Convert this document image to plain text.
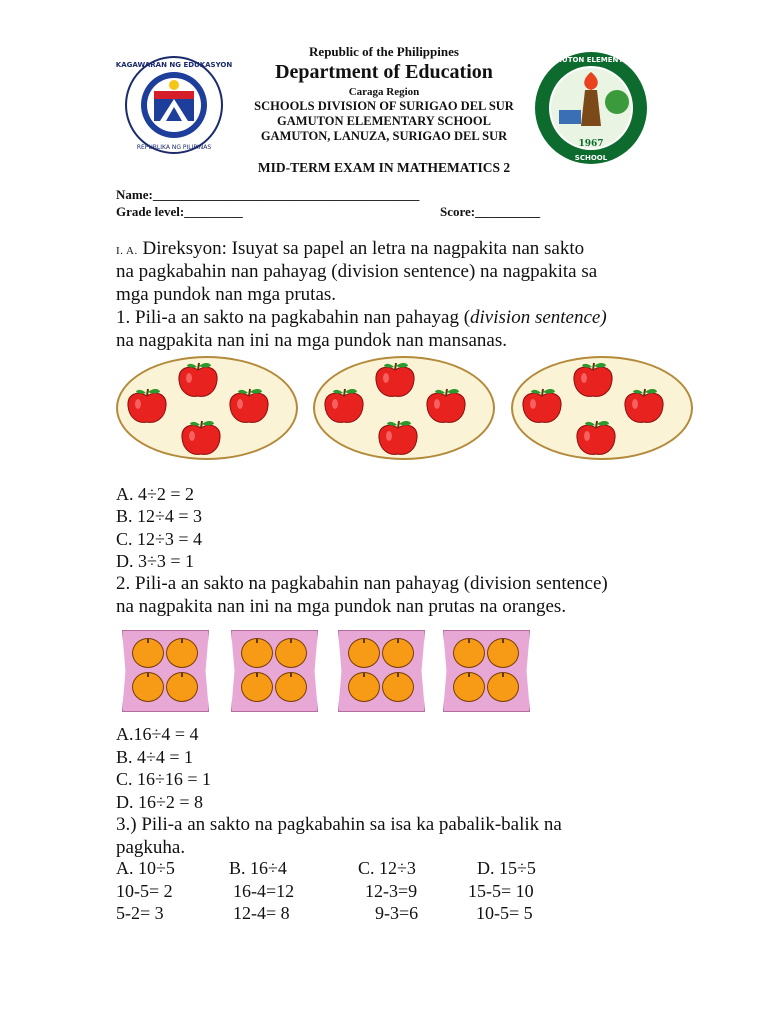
KAGAWARAN NG EDUKASYON
REPUBLIKA NG PILIPINAS	1967
GAMUTON ELEMENTARY
SCHOOL
Republic of the Philippines
Department of Education
Caraga Region
SCHOOLS DIVISION OF SURIGAO DEL SUR
GAMUTON ELEMENTARY SCHOOL
GAMUTON, LANUZA, SURIGAO DEL SUR
MID-TERM EXAM IN MATHEMATICS 2
Name:_________________________________________
Grade level:_________	Score:__________
I. A. Direksyon: Isuyat sa papel an letra na nagpakita nan sakto
na pagkabahin nan pahayag (division sentence) na nagpakita sa
mga pundok nan mga prutas.
1. Pili-a an sakto na pagkabahin nan pahayag (division sentence)
na nagpakita nan ini na mga pundok nan mansanas.
A. 4÷2 = 2
B. 12÷4 = 3
C. 12÷3 = 4
D. 3÷3 = 1
2. Pili-a an sakto na pagkabahin nan pahayag (division sentence)
na nagpakita nan ini na mga pundok nan prutas na oranges.
A.16÷4 = 4
B. 4÷4 = 1
C. 16÷16 = 1
D. 16÷2 = 8
3.) Pili-a an sakto na pagkabahin sa isa ka pabalik-balik na
pagkuha.
A. 10÷5	B. 16÷4	C. 12÷3	D. 15÷5
10-5= 2	16-4=12	12-3=9	15-5= 10
5-2= 3	12-4= 8	9-3=6	10-5= 5
